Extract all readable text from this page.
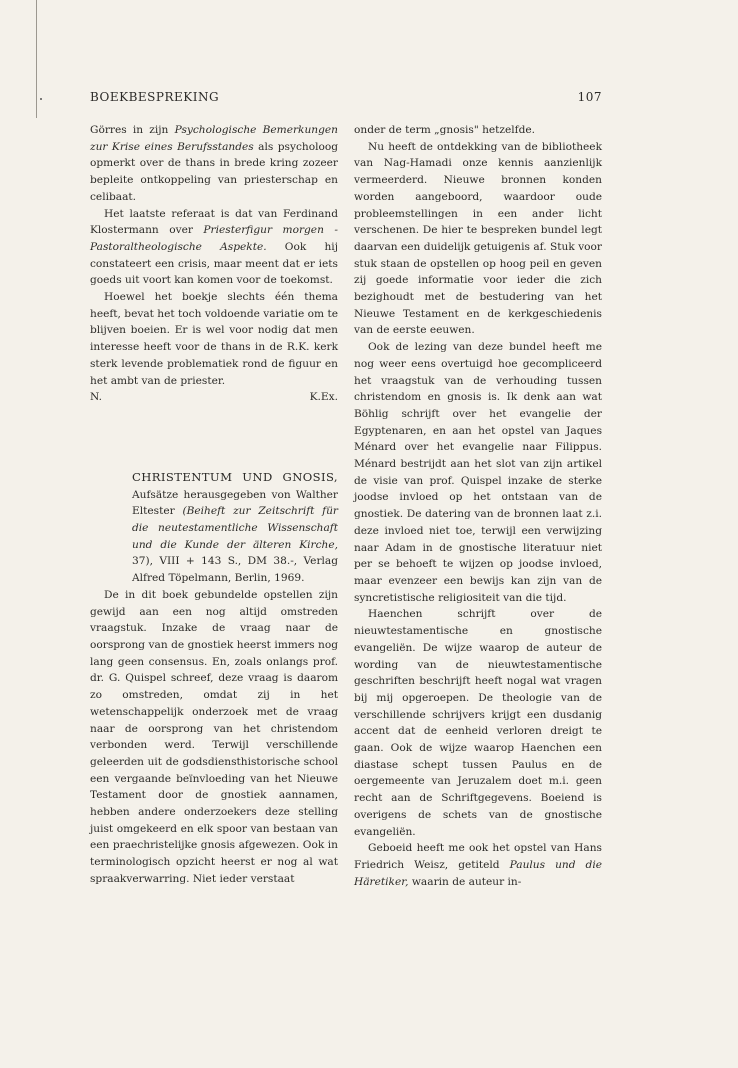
BOEKBESPREKING	107

Görres in zijn Psychologische Bemerkungen zur Krise eines Berufsstandes als psycholoog opmerkt over de thans in brede kring zozeer bepleite ontkoppeling van priesterschap en celibaat.

Het laatste referaat is dat van Ferdinand Klostermann over Priesterfigur morgen - Pastoraltheologische Aspekte. Ook hij constateert een crisis, maar meent dat er iets goeds uit voort kan komen voor de toekomst.

Hoewel het boekje slechts één thema heeft, bevat het toch voldoende variatie om te blijven boeien. Er is wel voor nodig dat men interesse heeft voor de thans in de R.K. kerk sterk levende problematiek rond de figuur en het ambt van de priester.

N.	K.Ex.
CHRISTENTUM UND GNOSIS, Aufsätze herausgegeben von Walther Eltester (Beiheft zur Zeitschrift für die neutestamentliche Wissenschaft und die Kunde der älteren Kirche, 37), VIII + 143 S., DM 38.-, Verlag Alfred Töpelmann, Berlin, 1969.

De in dit boek gebundelde opstellen zijn gewijd aan een nog altijd omstreden vraagstuk. Inzake de vraag naar de oorsprong van de gnostiek heerst immers nog lang geen consensus. En, zoals onlangs prof. dr. G. Quispel schreef, deze vraag is daarom zo omstreden, omdat zij in het wetenschappelijk onderzoek met de vraag naar de oorsprong van het christendom verbonden werd. Terwijl verschillende geleerden uit de godsdiensthistorische school een vergaande beïnvloeding van het Nieuwe Testament door de gnostiek aannamen, hebben andere onderzoekers deze stelling juist omgekeerd en elk spoor van bestaan van een praechristelijke gnosis afgewezen. Ook in terminologisch opzicht heerst er nog al wat spraakverwarring. Niet ieder verstaat

onder de term „gnosis" hetzelfde.

Nu heeft de ontdekking van de bibliotheek van Nag-Hamadi onze kennis aanzienlijk vermeerderd. Nieuwe bronnen konden worden aangeboord, waardoor oude probleemstellingen in een ander licht verschenen. De hier te bespreken bundel legt daarvan een duidelijk getuigenis af. Stuk voor stuk staan de opstellen op hoog peil en geven zij goede informatie voor ieder die zich bezighoudt met de bestudering van het Nieuwe Testament en de kerkgeschiedenis van de eerste eeuwen.

Ook de lezing van deze bundel heeft me nog weer eens overtuigd hoe gecompliceerd het vraagstuk van de verhouding tussen christendom en gnosis is. Ik denk aan wat Böhlig schrijft over het evangelie der Egyptenaren, en aan het opstel van Jaques Ménard over het evangelie naar Filippus. Ménard bestrijdt aan het slot van zijn artikel de visie van prof. Quispel inzake de sterke joodse invloed op het ontstaan van de gnostiek. De datering van de bronnen laat z.i. deze invloed niet toe, terwijl een verwijzing naar Adam in de gnostische literatuur niet per se behoeft te wijzen op joodse invloed, maar evenzeer een bewijs kan zijn van de syncretistische religiositeit van die tijd.

Haenchen schrijft over de nieuwtestamentische en gnostische evangeliën. De wijze waarop de auteur de wording van de nieuwtestamentische geschriften beschrijft heeft nogal wat vragen bij mij opgeroepen. De theologie van de verschillende schrijvers krijgt een dusdanig accent dat de eenheid verloren dreigt te gaan. Ook de wijze waarop Haenchen een diastase schept tussen Paulus en de oergemeente van Jeruzalem doet m.i. geen recht aan de Schriftgegevens. Boeiend is overigens de schets van de gnostische evangeliën.

Geboeid heeft me ook het opstel van Hans Friedrich Weisz, getiteld Paulus und die Häretiker, waarin de auteur in-
